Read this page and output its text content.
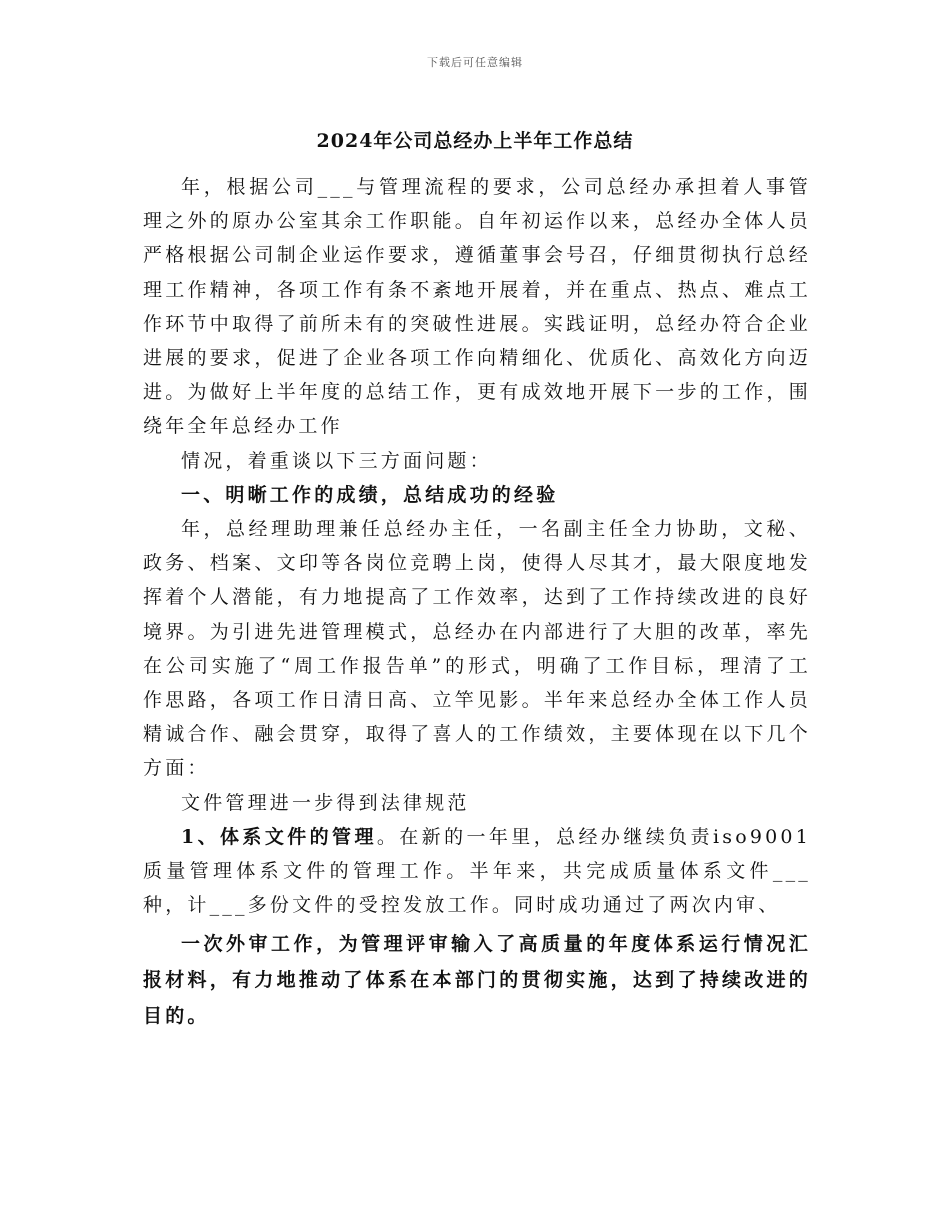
下载后可任意编辑
2024年公司总经办上半年工作总结

年，根据公司___与管理流程的要求，公司总经办承担着人事管理之外的原办公室其余工作职能。自年初运作以来，总经办全体人员严格根据公司制企业运作要求，遵循董事会号召，仔细贯彻执行总经理工作精神，各项工作有条不紊地开展着，并在重点、热点、难点工作环节中取得了前所未有的突破性进展。实践证明，总经办符合企业进展的要求，促进了企业各项工作向精细化、优质化、高效化方向迈进。为做好上半年度的总结工作，更有成效地开展下一步的工作，围绕年全年总经办工作

情况，着重谈以下三方面问题：

一、明晰工作的成绩，总结成功的经验

年，总经理助理兼任总经办主任，一名副主任全力协助，文秘、政务、档案、文印等各岗位竞聘上岗，使得人尽其才，最大限度地发挥着个人潜能，有力地提高了工作效率，达到了工作持续改进的良好境界。为引进先进管理模式，总经办在内部进行了大胆的改革，率先在公司实施了“周工作报告单”的形式，明确了工作目标，理清了工作思路，各项工作日清日高、立竿见影。半年来总经办全体工作人员精诚合作、融会贯穿，取得了喜人的工作绩效，主要体现在以下几个方面：

文件管理进一步得到法律规范

1、体系文件的管理。在新的一年里，总经办继续负责iso9001质量管理体系文件的管理工作。半年来，共完成质量体系文件___种，计___多份文件的受控发放工作。同时成功通过了两次内审、

一次外审工作，为管理评审输入了高质量的年度体系运行情况汇报材料，有力地推动了体系在本部门的贯彻实施，达到了持续改进的目的。
